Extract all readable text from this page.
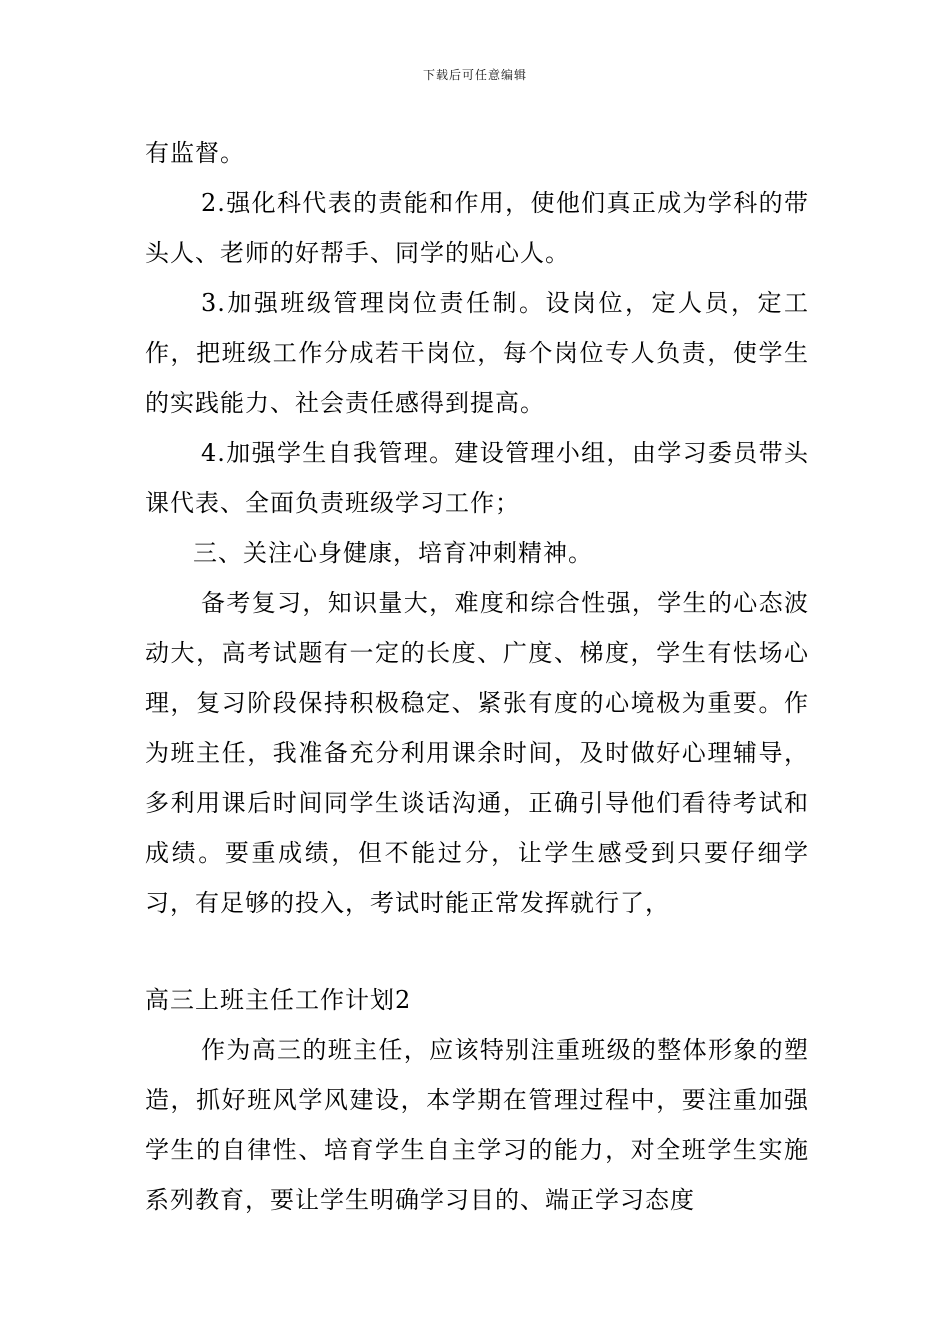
下载后可任意编辑

有监督。

2.强化科代表的责能和作用，使他们真正成为学科的带头人、老师的好帮手、同学的贴心人。

3.加强班级管理岗位责任制。设岗位，定人员，定工作，把班级工作分成若干岗位，每个岗位专人负责，使学生的实践能力、社会责任感得到提高。

4.加强学生自我管理。建设管理小组，由学习委员带头课代表、全面负责班级学习工作；

三、关注心身健康，培育冲刺精神。

备考复习，知识量大，难度和综合性强，学生的心态波动大，高考试题有一定的长度、广度、梯度，学生有怯场心理，复习阶段保持积极稳定、紧张有度的心境极为重要。作为班主任，我准备充分利用课余时间，及时做好心理辅导，多利用课后时间同学生谈话沟通，正确引导他们看待考试和成绩。要重成绩，但不能过分，让学生感受到只要仔细学习，有足够的投入，考试时能正常发挥就行了，

高三上班主任工作计划2

作为高三的班主任，应该特别注重班级的整体形象的塑造，抓好班风学风建设，本学期在管理过程中，要注重加强学生的自律性、培育学生自主学习的能力，对全班学生实施系列教育，要让学生明确学习目的、端正学习态度
